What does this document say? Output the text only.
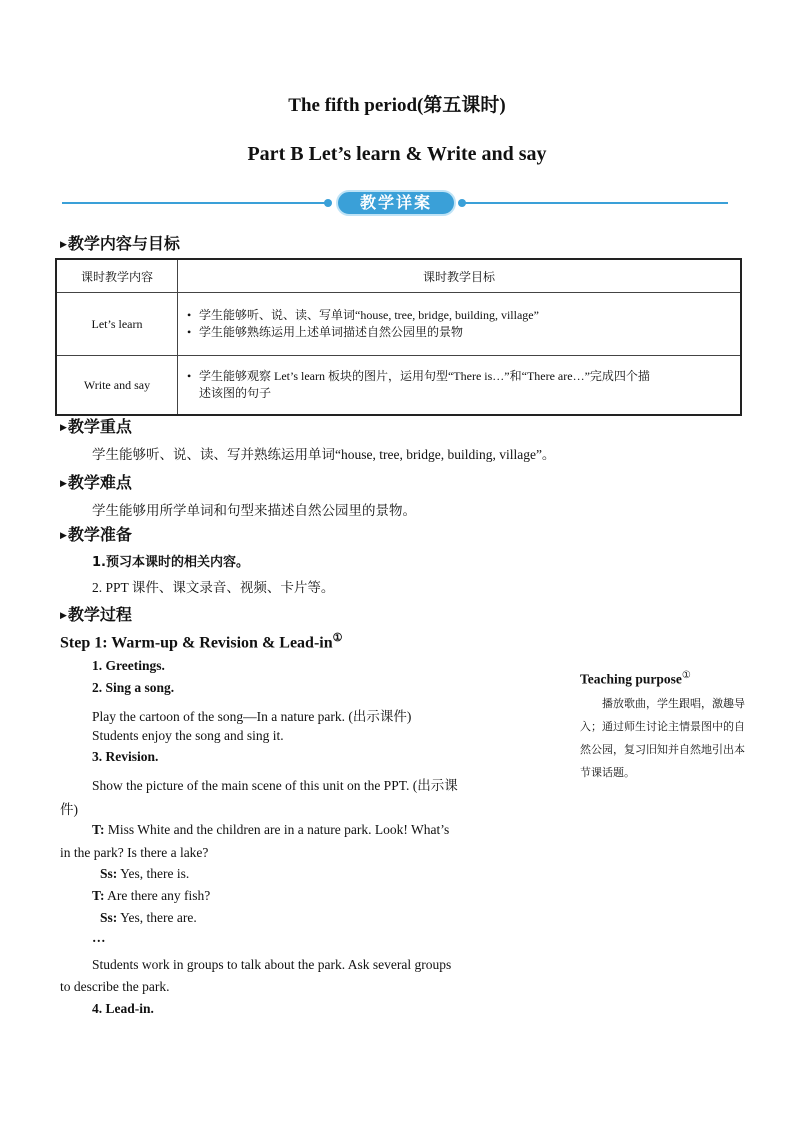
The fifth period(第五课时)
Part B Let’s learn & Write and say
教学详案
▶教学内容与目标
课时教学内容	课时教学目标
Let’s learn	• 学生能够听、说、读、写单词“house, tree, bridge, building, village”
• 学生能够熟练运用上述单词描述自然公园里的景物

Write and say	• 学生能够观察 Let’s learn 板块的图片，运用句型“There is…”和“There are…”完成四个描
述该图的句子
▶教学重点
学生能够听、说、读、写并熟练运用单词“house, tree, bridge, building, village”。
▶教学难点
学生能够用所学单词和句型来描述自然公园里的景物。
▶教学准备
1.预习本课时的相关内容。
2. PPT 课件、课文录音、视频、卡片等。
▶教学过程
Step 1: Warm-up & Revision & Lead-in①
1. Greetings.
2. Sing a song.
Play the cartoon of the song—In a nature park. (出示课件)
Students enjoy the song and sing it.
3. Revision.
Show the picture of the main scene of this unit on the PPT. (出示课
件)
T: Miss White and the children are in a nature park. Look! What’s
in the park? Is there a lake?
Ss: Yes, there is.
T: Are there any fish?
Ss: Yes, there are.
…
Students work in groups to talk about the park. Ask several groups
to describe the park.
4. Lead-in.
Teaching purpose①
播放歌曲，学生跟唱，激趣导入；通过师生讨论主情景图中的自然公园，复习旧知并自然地引出本节课话题。
